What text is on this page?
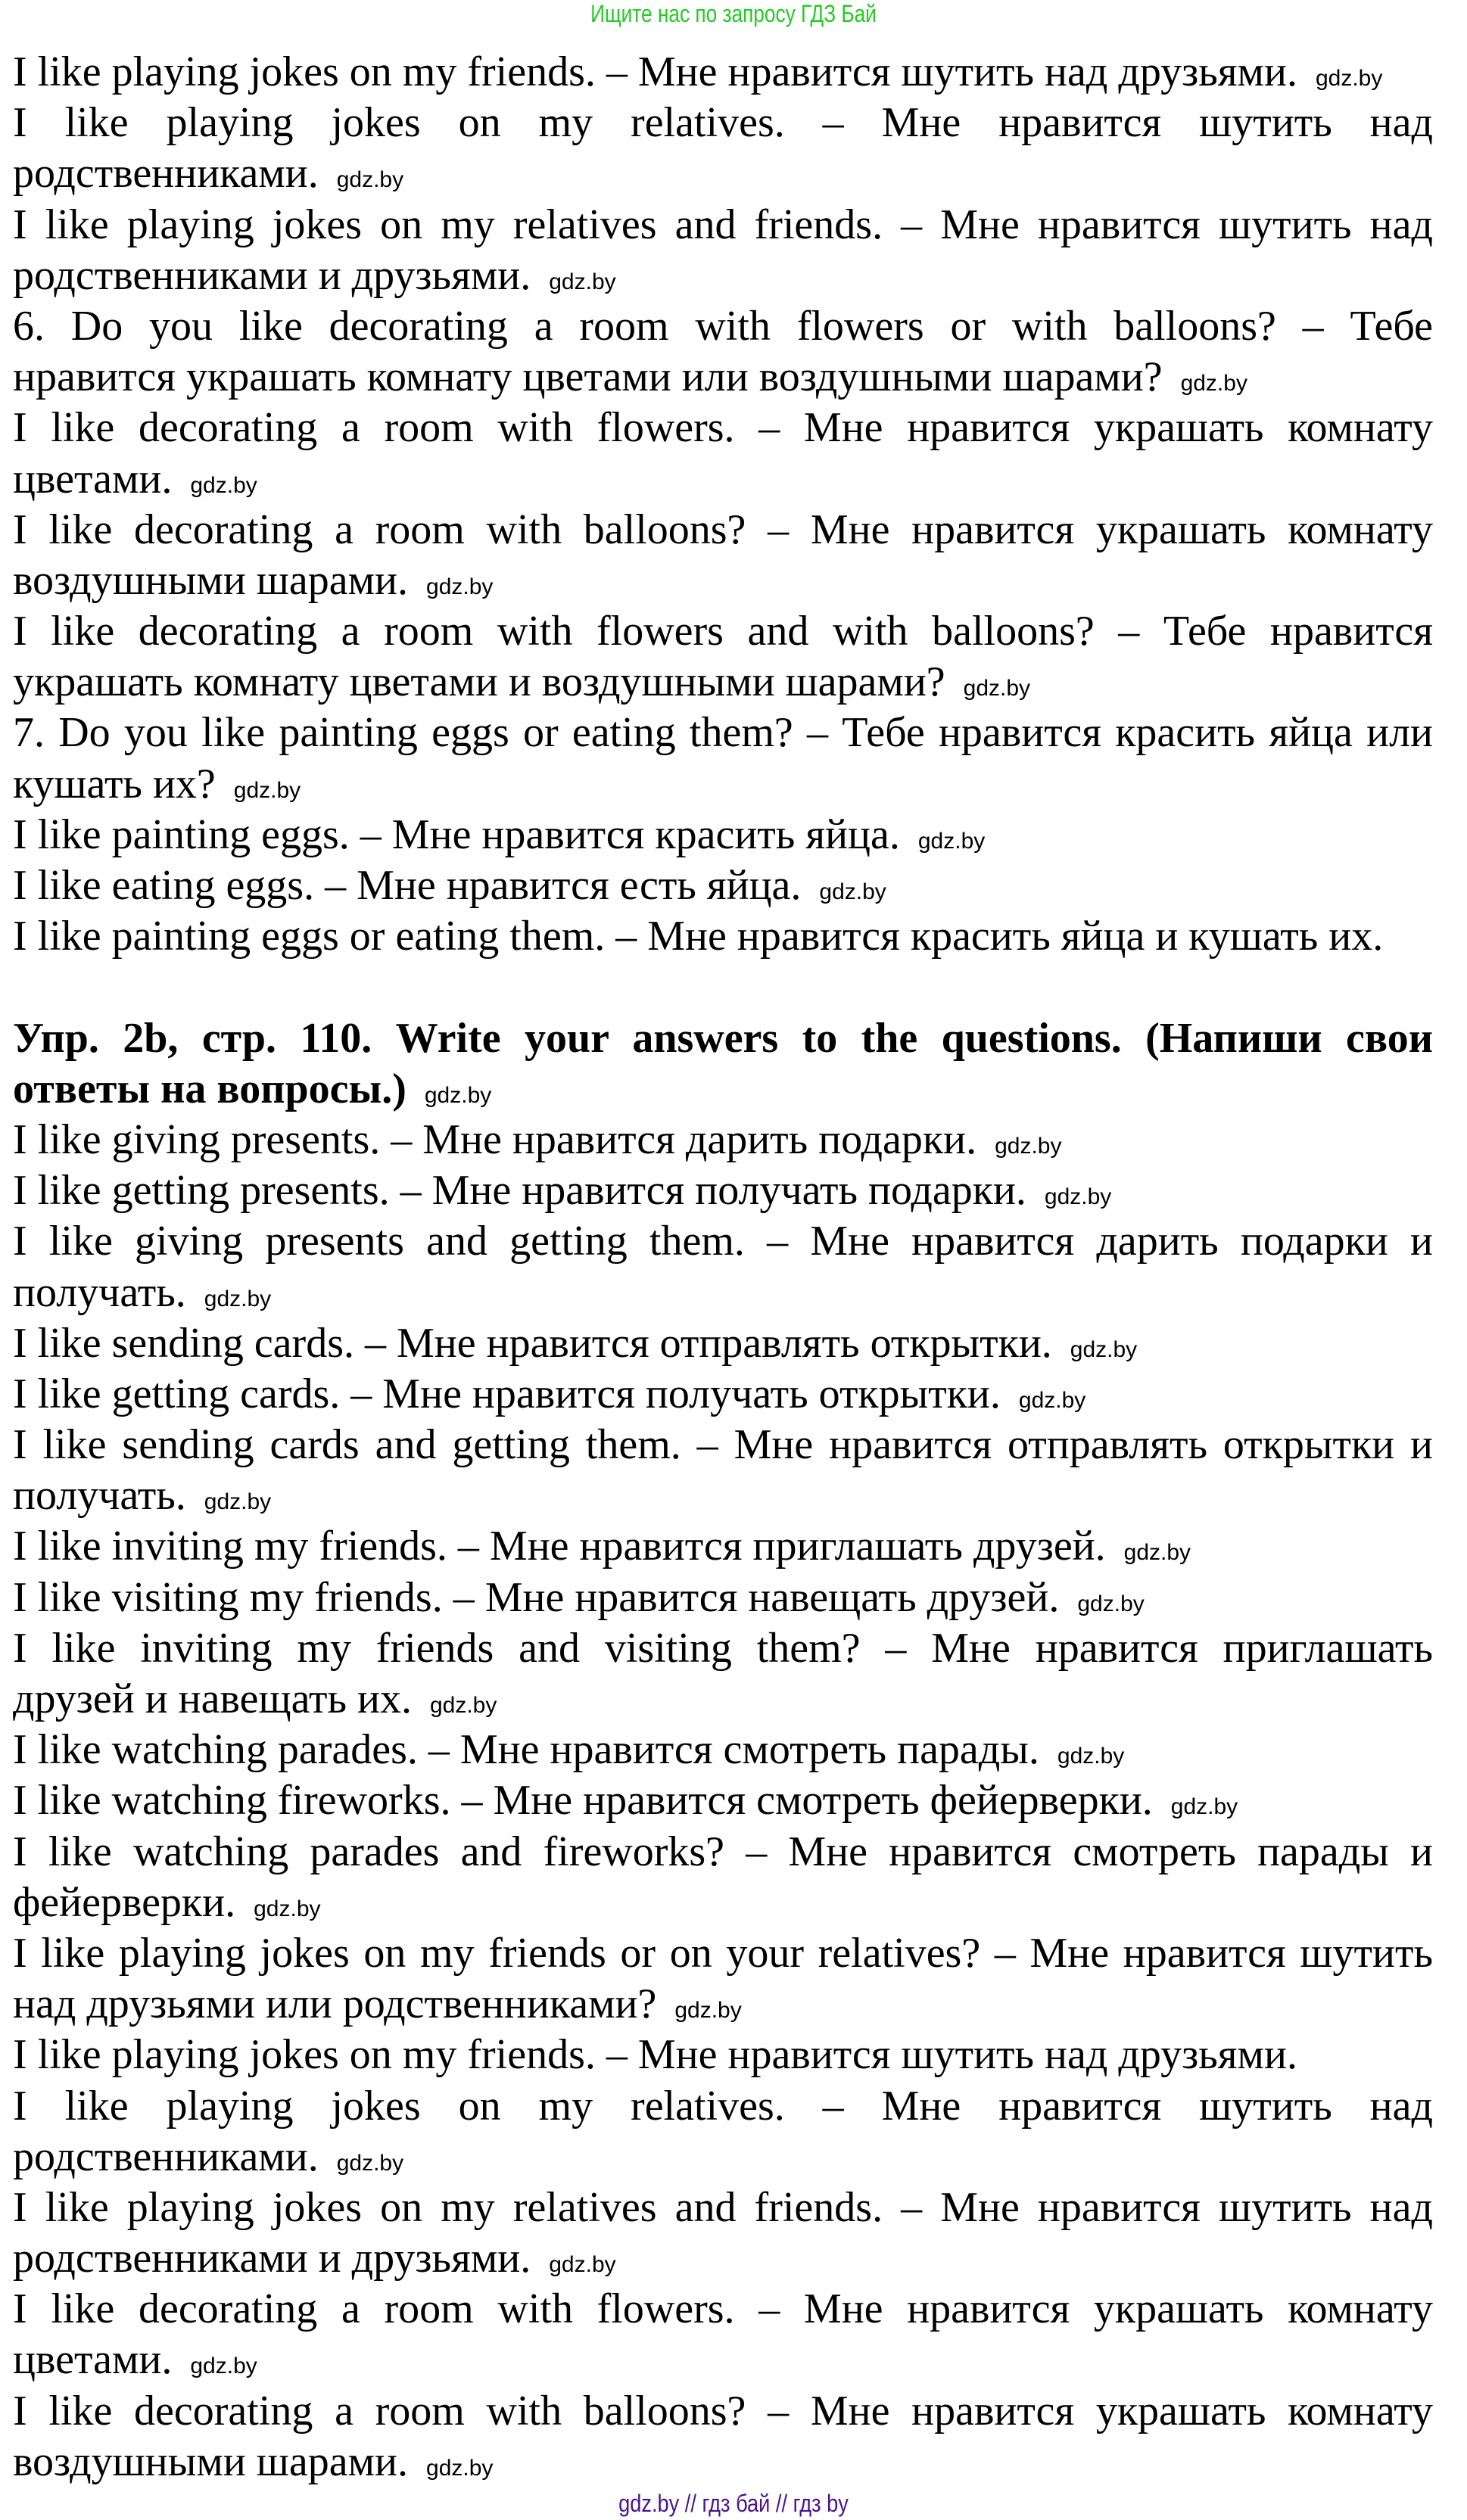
Ищите нас по запросу ГДЗ Бай
I like playing jokes on my friends. – Мне нравится шутить над друзьями. gdz.by
I like playing jokes on my relatives. – Мне нравится шутить над
родственниками. gdz.by
I like playing jokes on my relatives and friends. – Мне нравится шутить над
родственниками и друзьями. gdz.by
6. Do you like decorating a room with flowers or with balloons? – Тебе
нравится украшать комнату цветами или воздушными шарами? gdz.by
I like decorating a room with flowers. – Мне нравится украшать комнату
цветами. gdz.by
I like decorating a room with balloons? – Мне нравится украшать комнату
воздушными шарами. gdz.by
I like decorating a room with flowers and with balloons? – Тебе нравится
украшать комнату цветами и воздушными шарами? gdz.by
7. Do you like painting eggs or eating them? – Тебе нравится красить яйца или
кушать их? gdz.by
I like painting eggs. – Мне нравится красить яйца. gdz.by
I like eating eggs. – Мне нравится есть яйца. gdz.by
I like painting eggs or eating them. – Мне нравится красить яйца и кушать их.
Упр. 2b, стр. 110. Write your answers to the questions. (Напиши свои
ответы на вопросы.) gdz.by
I like giving presents. – Мне нравится дарить подарки. gdz.by
I like getting presents. – Мне нравится получать подарки. gdz.by
I like giving presents and getting them. – Мне нравится дарить подарки и
получать. gdz.by
I like sending cards. – Мне нравится отправлять открытки. gdz.by
I like getting cards. – Мне нравится получать открытки. gdz.by
I like sending cards and getting them. – Мне нравится отправлять открытки и
получать. gdz.by
I like inviting my friends. – Мне нравится приглашать друзей. gdz.by
I like visiting my friends. – Мне нравится навещать друзей. gdz.by
I like inviting my friends and visiting them? – Мне нравится приглашать
друзей и навещать их. gdz.by
I like watching parades. – Мне нравится смотреть парады. gdz.by
I like watching fireworks. – Мне нравится смотреть фейерверки. gdz.by
I like watching parades and fireworks? – Мне нравится смотреть парады и
фейерверки. gdz.by
I like playing jokes on my friends or on your relatives? – Мне нравится шутить
над друзьями или родственниками? gdz.by
I like playing jokes on my friends. – Мне нравится шутить над друзьями.
I like playing jokes on my relatives. – Мне нравится шутить над
родственниками. gdz.by
I like playing jokes on my relatives and friends. – Мне нравится шутить над
родственниками и друзьями. gdz.by
I like decorating a room with flowers. – Мне нравится украшать комнату
цветами. gdz.by
I like decorating a room with balloons? – Мне нравится украшать комнату
воздушными шарами. gdz.by
gdz.by // гдз бай // гдз by
